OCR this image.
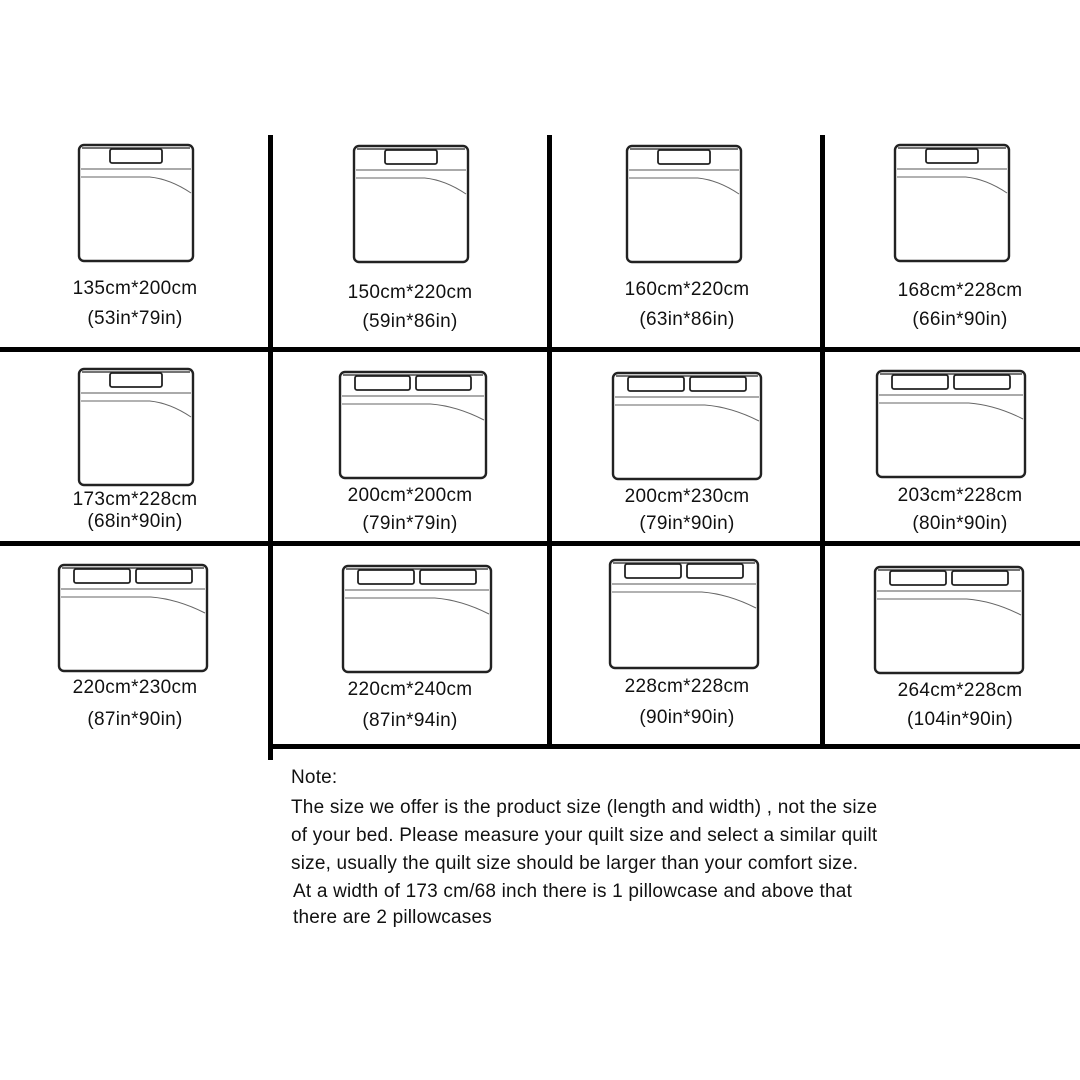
135cm*200cm
(53in*79in)
150cm*220cm
(59in*86in)
160cm*220cm
(63in*86in)
168cm*228cm
(66in*90in)
173cm*228cm
(68in*90in)
200cm*200cm
(79in*79in)
200cm*230cm
(79in*90in)
203cm*228cm
(80in*90in)
220cm*230cm
(87in*90in)
220cm*240cm
(87in*94in)
228cm*228cm
(90in*90in)
264cm*228cm
(104in*90in)

Note:

The size we offer is the product size (length and width) , not the size

of your bed. Please measure your quilt size and select a similar quilt

size, usually the quilt size should be larger than your comfort size.

At a width of 173 cm/68 inch there is 1 pillowcase and above that

there are 2 pillowcases
